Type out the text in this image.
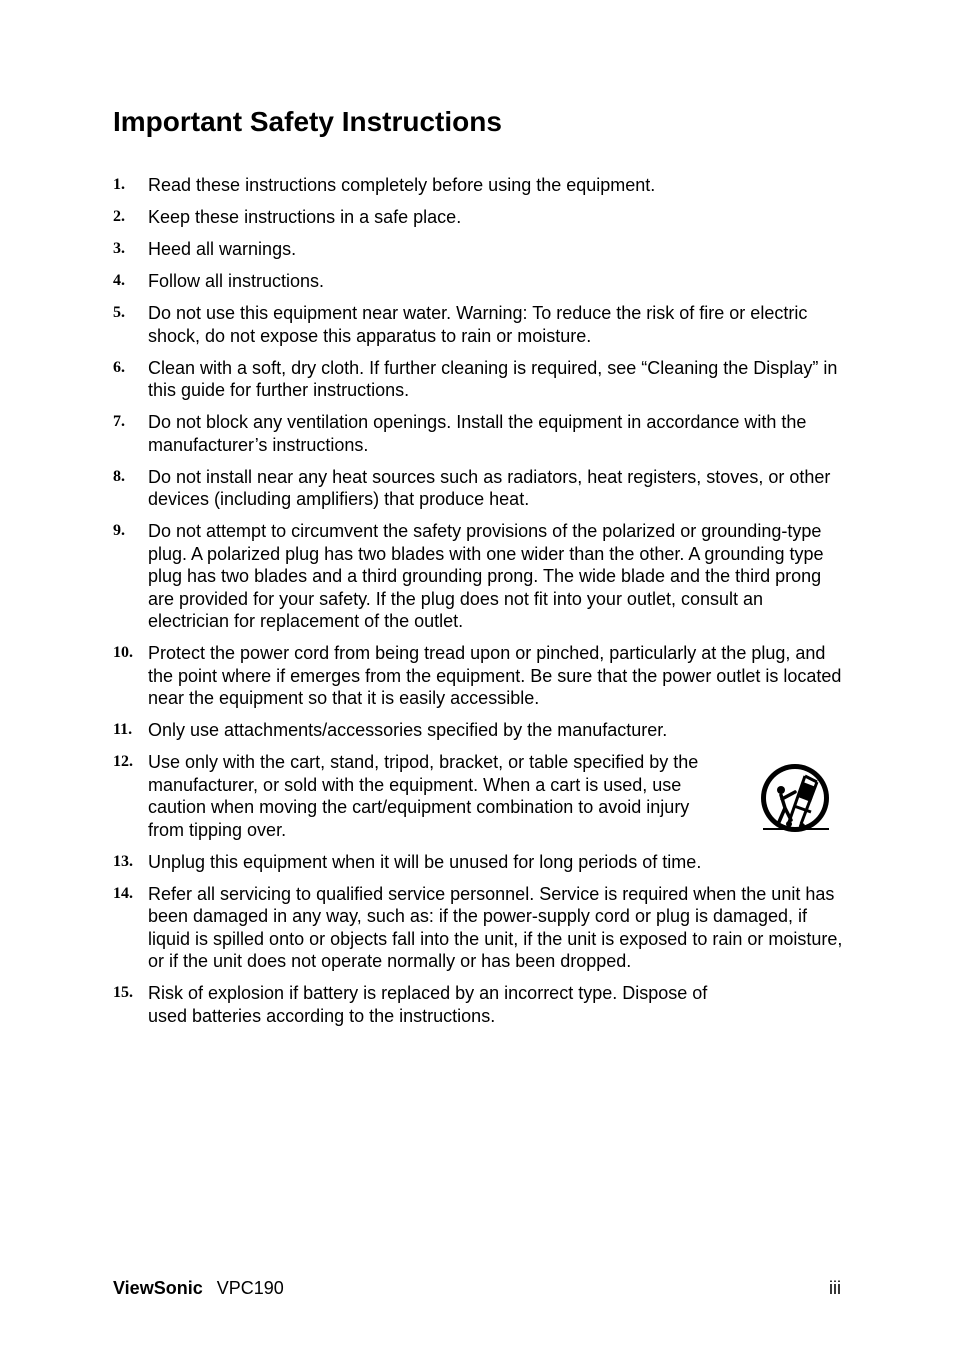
Important Safety Instructions
1. Read these instructions completely before using the equipment.
2. Keep these instructions in a safe place.
3. Heed all warnings.
4. Follow all instructions.
5. Do not use this equipment near water. Warning: To reduce the risk of fire or electric shock, do not expose this apparatus to rain or moisture.
6. Clean with a soft, dry cloth. If further cleaning is required, see “Cleaning the Display” in this guide for further instructions.
7. Do not block any ventilation openings. Install the equipment in accordance with the manufacturer’s instructions.
8. Do not install near any heat sources such as radiators, heat registers, stoves, or other devices (including amplifiers) that produce heat.
9. Do not attempt to circumvent the safety provisions of the polarized or grounding-type plug. A polarized plug has two blades with one wider than the other. A grounding type plug has two blades and a third grounding prong. The wide blade and the third prong are provided for your safety. If the plug does not fit into your outlet, consult an electrician for replacement of the outlet.
10. Protect the power cord from being tread upon or pinched, particularly at the plug, and the point where if emerges from the equipment. Be sure that the power outlet is located near the equipment so that it is easily accessible.
11. Only use attachments/accessories specified by the manufacturer.
12. Use only with the cart, stand, tripod, bracket, or table specified by the manufacturer, or sold with the equipment. When a cart is used, use caution when moving the cart/equipment combination to avoid injury from tipping over.
13. Unplug this equipment when it will be unused for long periods of time.
14. Refer all servicing to qualified service personnel. Service is required when the unit has been damaged in any way, such as: if the power-supply cord or plug is damaged, if liquid is spilled onto or objects fall into the unit, if the unit is exposed to rain or moisture, or if the unit does not operate normally or has been dropped.
15. Risk of explosion if battery is replaced by an incorrect type. Dispose of used batteries according to the instructions.
ViewSonic VPC190	iii
